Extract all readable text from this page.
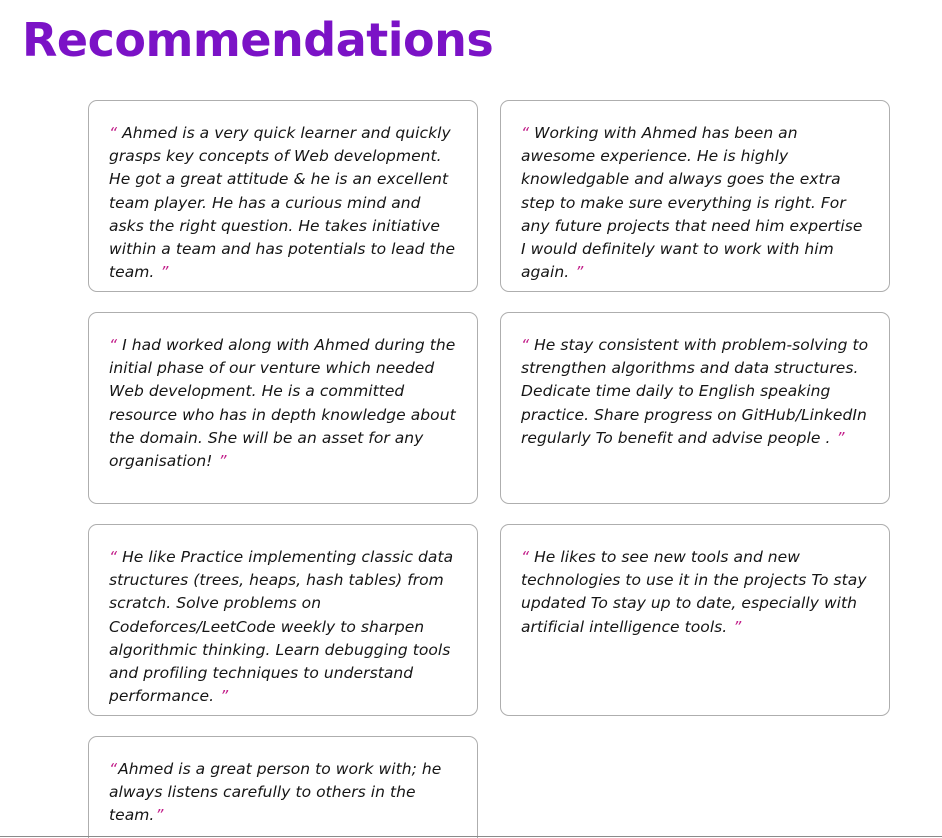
Recommendations

“ Ahmed is a very quick learner and quickly grasps key concepts of Web development. He got a great attitude & he is an excellent team player. He has a curious mind and asks the right question. He takes initiative within a team and has potentials to lead the team. ”

“ Working with Ahmed has been an awesome experience. He is highly knowledgable and always goes the extra step to make sure everything is right. For any future projects that need him expertise I would definitely want to work with him again. ”

“ I had worked along with Ahmed during the initial phase of our venture which needed Web development. He is a committed resource who has in depth knowledge about the domain. She will be an asset for any organisation! ”

“ He stay consistent with problem-solving to strengthen algorithms and data structures. Dedicate time daily to English speaking practice. Share progress on GitHub/LinkedIn regularly To benefit and advise people . ”

“ He like Practice implementing classic data structures (trees, heaps, hash tables) from scratch. Solve problems on Codeforces/LeetCode weekly to sharpen algorithmic thinking. Learn debugging tools and profiling techniques to understand performance. ”

“ He likes to see new tools and new technologies to use it in the projects To stay updated To stay up to date, especially with artificial intelligence tools. ”

“Ahmed is a great person to work with; he always listens carefully to others in the team.”
